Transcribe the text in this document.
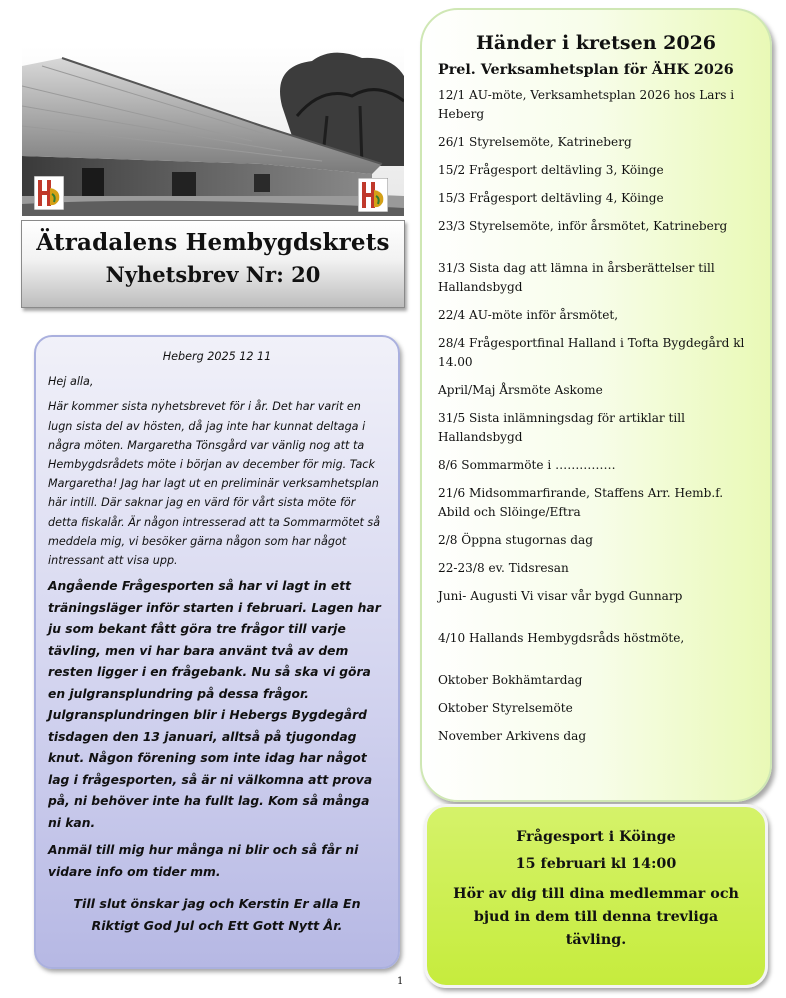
Ätradalens Hembygdskrets
Nyhetsbrev Nr: 20

Heberg 2025 12 11

Hej alla,

Här kommer sista nyhetsbrevet för i år. Det har varit en lugn sista del av hösten, då jag inte har kunnat deltaga i några möten. Margaretha Tönsgård var vänlig nog att ta Hembygdsrådets möte i början av december för mig. Tack Margaretha! Jag har lagt ut en preliminär verksamhetsplan här intill. Där saknar jag en värd för vårt sista möte för detta fiskalår. Är någon intresserad att ta Sommarmötet så meddela mig, vi besöker gärna någon som har något intressant att visa upp.

Angående Frågesporten så har vi lagt in ett träningsläger inför starten i februari. Lagen har ju som bekant fått göra tre frågor till varje tävling, men vi har bara använt två av dem resten ligger i en frågebank. Nu så ska vi göra en julgransplundring på dessa frågor. Julgransplundringen blir i Hebergs Bygdegård tisdagen den 13 januari, alltså på tjugondag knut. Någon förening som inte idag har något lag i frågesporten, så är ni välkomna att prova på, ni behöver inte ha fullt lag. Kom så många ni kan.

Anmäl till mig hur många ni blir och så får ni vidare info om tider mm.

Till slut önskar jag och Kerstin Er alla En Riktigt God Jul och Ett Gott Nytt År.

1
Händer i kretsen 2026
Prel. Verksamhetsplan för ÄHK 2026
12/1 AU-möte, Verksamhetsplan 2026 hos Lars i Heberg
26/1 Styrelsemöte, Katrineberg
15/2 Frågesport deltävling 3, Köinge
15/3 Frågesport deltävling 4, Köinge
23/3 Styrelsemöte, inför årsmötet, Katrineberg
31/3 Sista dag att lämna in årsberättelser till Hallandsbygd
22/4 AU-möte inför årsmötet,
28/4 Frågesportfinal Halland i Tofta Bygdegård kl 14.00
April/Maj Årsmöte Askome
31/5 Sista inlämningsdag för artiklar till Hallandsbygd
8/6 Sommarmöte i ……………
21/6 Midsommarfirande, Staffens Arr. Hemb.f. Abild och Slöinge/Eftra
2/8 Öppna stugornas dag
22-23/8 ev. Tidsresan
Juni- Augusti Vi visar vår bygd Gunnarp
4/10 Hallands Hembygdsråds höstmöte,
Oktober Bokhämtardag
Oktober Styrelsemöte
November Arkivens dag
Frågesport i Köinge
15 februari kl 14:00
Hör av dig till dina medlemmar och bjud in dem till denna trevliga tävling.
